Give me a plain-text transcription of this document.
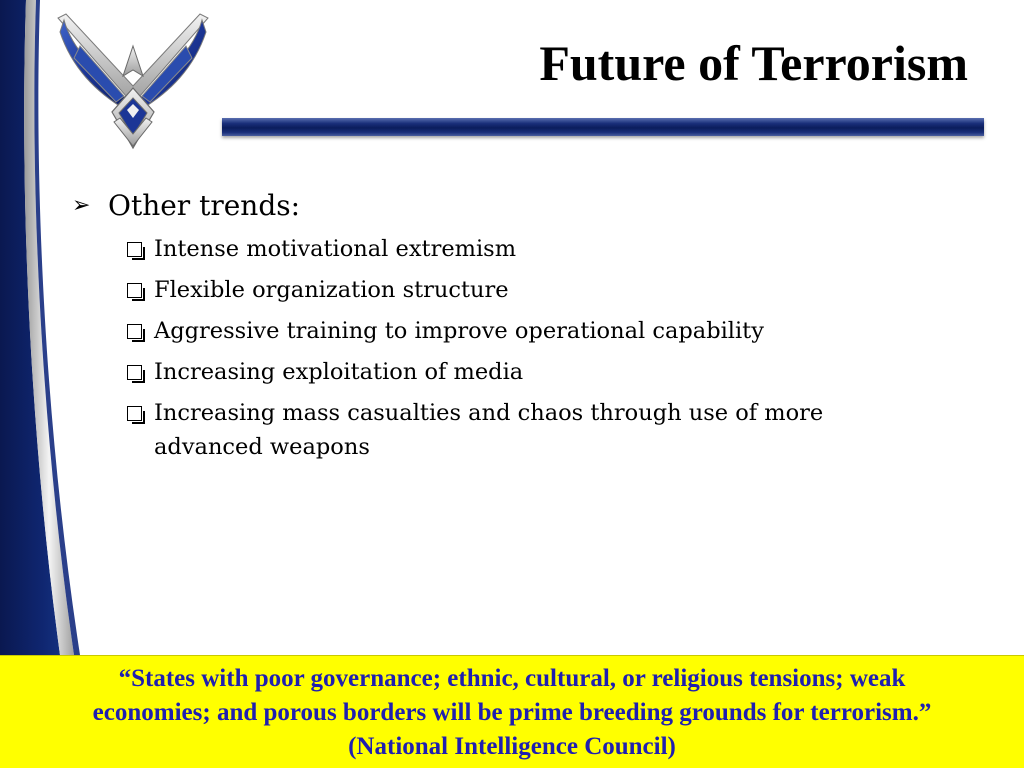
Future of Terrorism
➢ Other trends:
Intense motivational extremism
Flexible organization structure
Aggressive training to improve operational capability
Increasing exploitation of media
Increasing mass casualties and chaos through use of more advanced weapons
“States with poor governance; ethnic, cultural, or religious tensions; weak
economies; and porous borders will be prime breeding grounds for terrorism.”
(National Intelligence Council)
